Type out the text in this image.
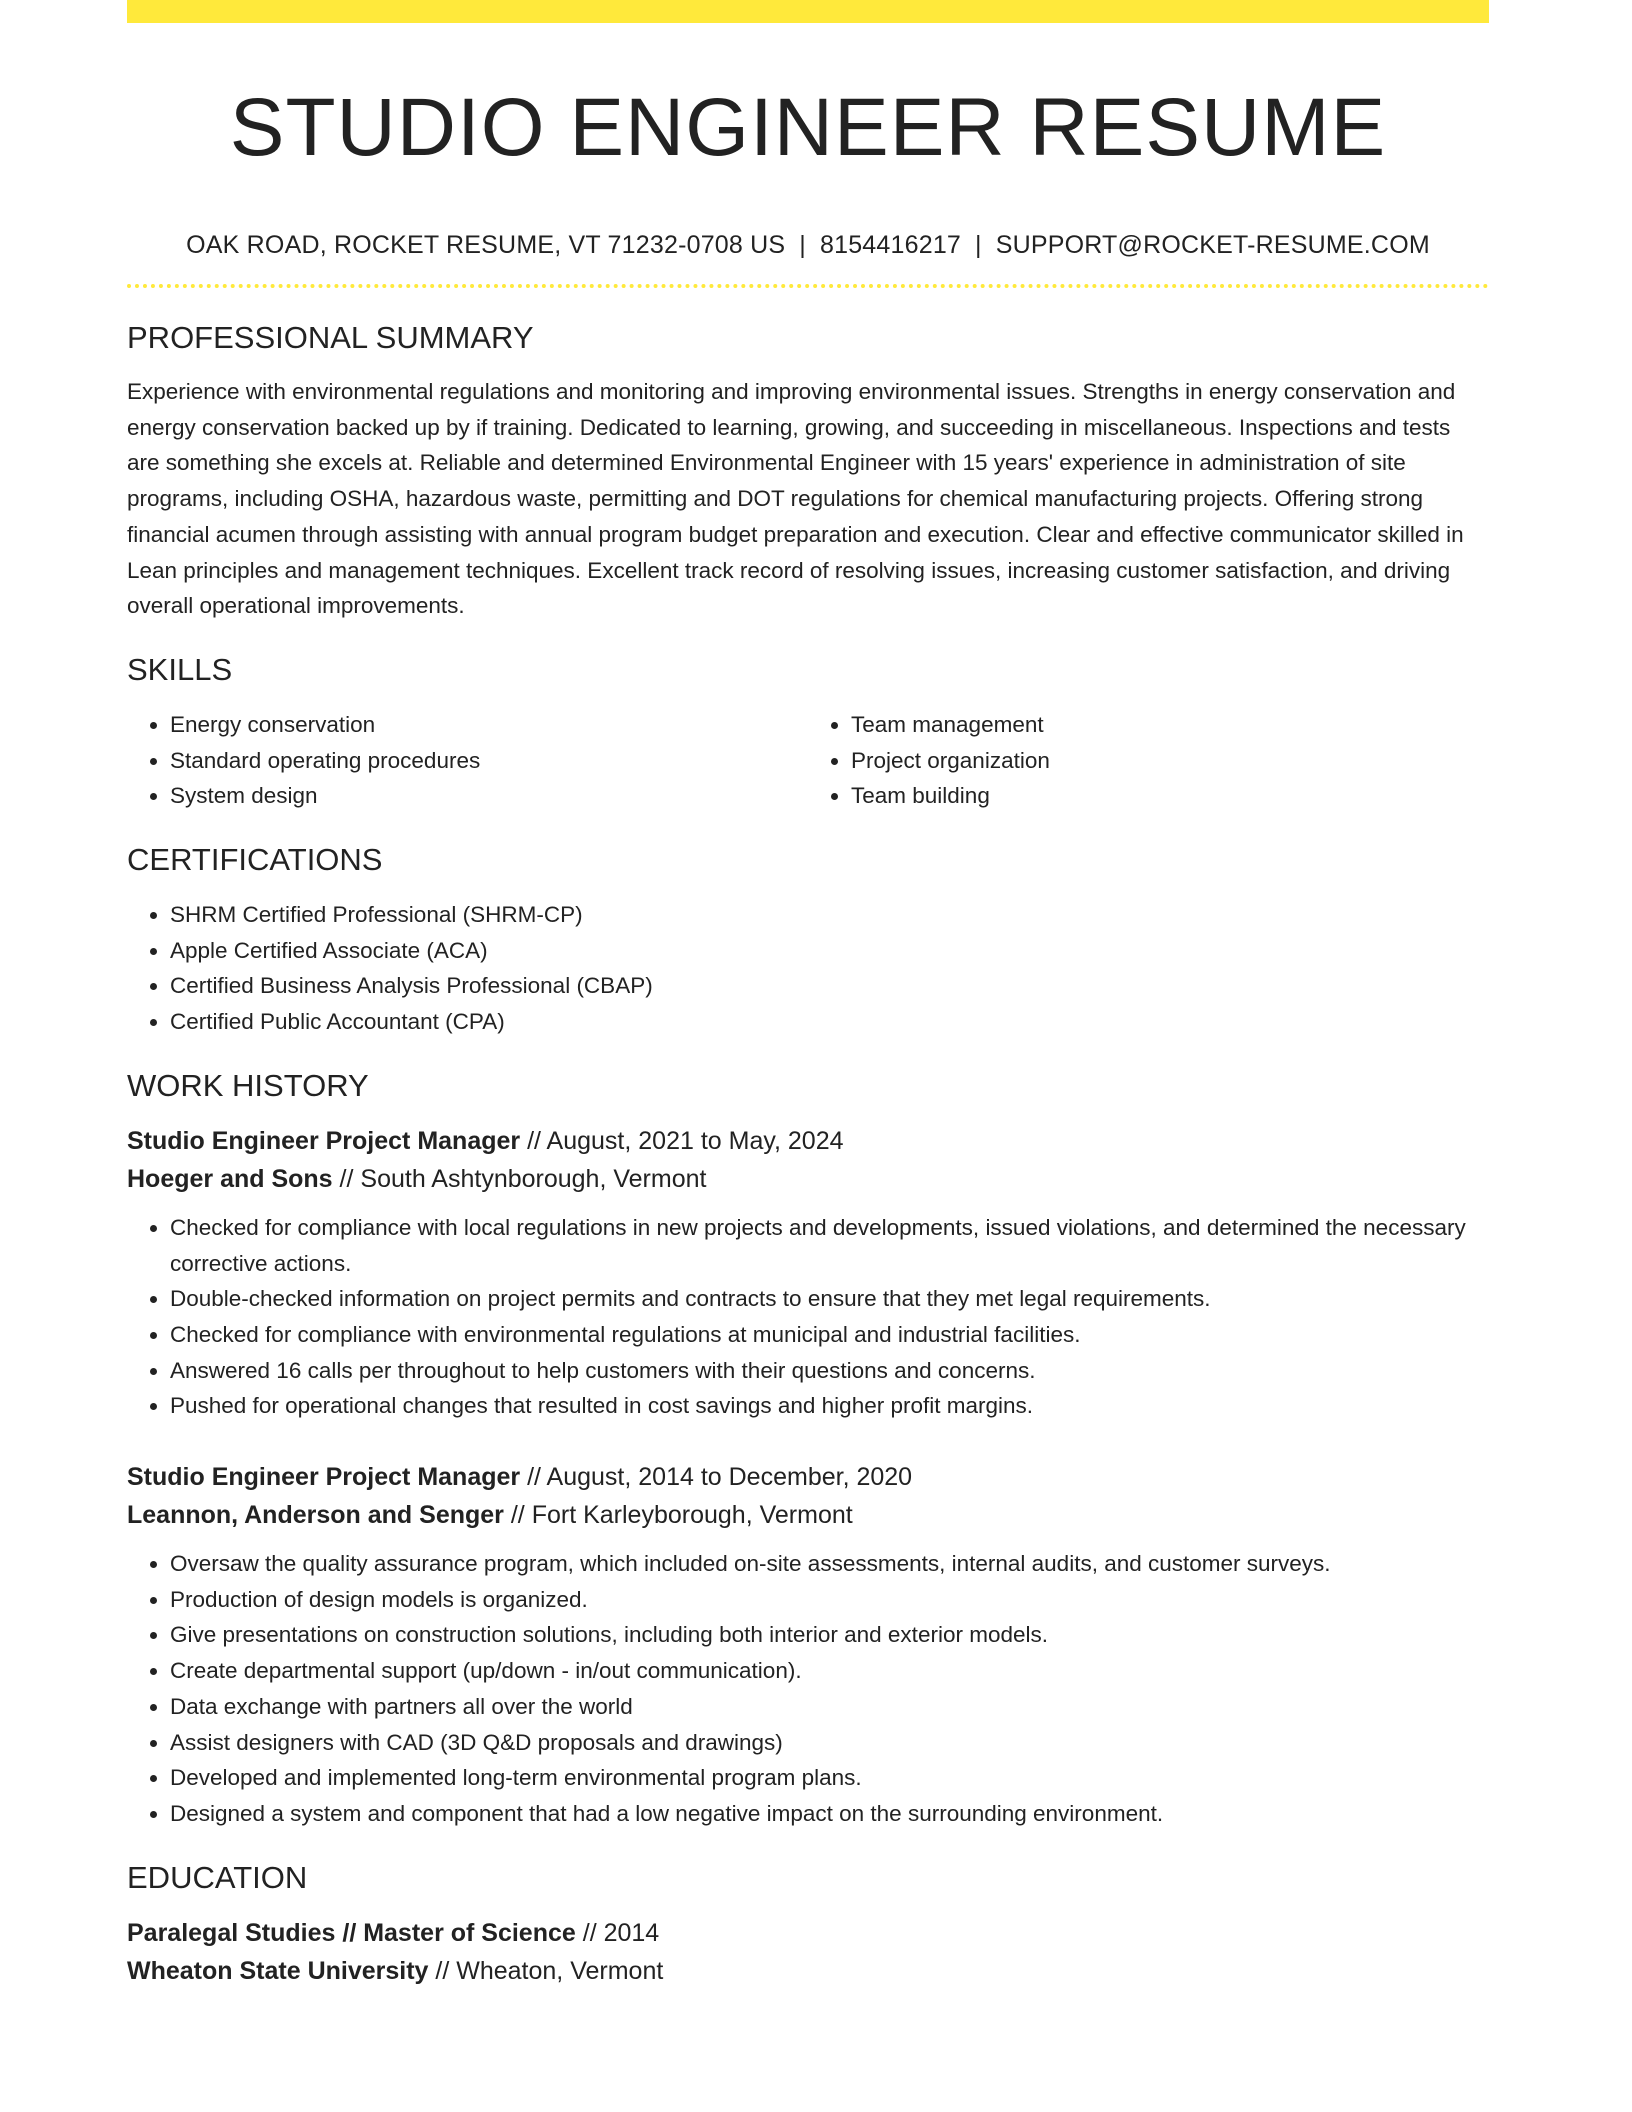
STUDIO ENGINEER RESUME
OAK ROAD, ROCKET RESUME, VT 71232-0708 US | 8154416217 | SUPPORT@ROCKET-RESUME.COM
PROFESSIONAL SUMMARY
Experience with environmental regulations and monitoring and improving environmental issues. Strengths in energy conservation and energy conservation backed up by if training. Dedicated to learning, growing, and succeeding in miscellaneous. Inspections and tests are something she excels at. Reliable and determined Environmental Engineer with 15 years' experience in administration of site programs, including OSHA, hazardous waste, permitting and DOT regulations for chemical manufacturing projects. Offering strong financial acumen through assisting with annual program budget preparation and execution. Clear and effective communicator skilled in Lean principles and management techniques. Excellent track record of resolving issues, increasing customer satisfaction, and driving overall operational improvements.
SKILLS
• Energy conservation
• Standard operating procedures
• System design
• Team management
• Project organization
• Team building
CERTIFICATIONS
• SHRM Certified Professional (SHRM-CP)
• Apple Certified Associate (ACA)
• Certified Business Analysis Professional (CBAP)
• Certified Public Accountant (CPA)
WORK HISTORY
Studio Engineer Project Manager // August, 2021 to May, 2024
Hoeger and Sons // South Ashtynborough, Vermont
• Checked for compliance with local regulations in new projects and developments, issued violations, and determined the necessary corrective actions.
• Double-checked information on project permits and contracts to ensure that they met legal requirements.
• Checked for compliance with environmental regulations at municipal and industrial facilities.
• Answered 16 calls per throughout to help customers with their questions and concerns.
• Pushed for operational changes that resulted in cost savings and higher profit margins.
Studio Engineer Project Manager // August, 2014 to December, 2020
Leannon, Anderson and Senger // Fort Karleyborough, Vermont
• Oversaw the quality assurance program, which included on-site assessments, internal audits, and customer surveys.
• Production of design models is organized.
• Give presentations on construction solutions, including both interior and exterior models.
• Create departmental support (up/down - in/out communication).
• Data exchange with partners all over the world
• Assist designers with CAD (3D Q&D proposals and drawings)
• Developed and implemented long-term environmental program plans.
• Designed a system and component that had a low negative impact on the surrounding environment.
EDUCATION
Paralegal Studies // Master of Science // 2014
Wheaton State University // Wheaton, Vermont
